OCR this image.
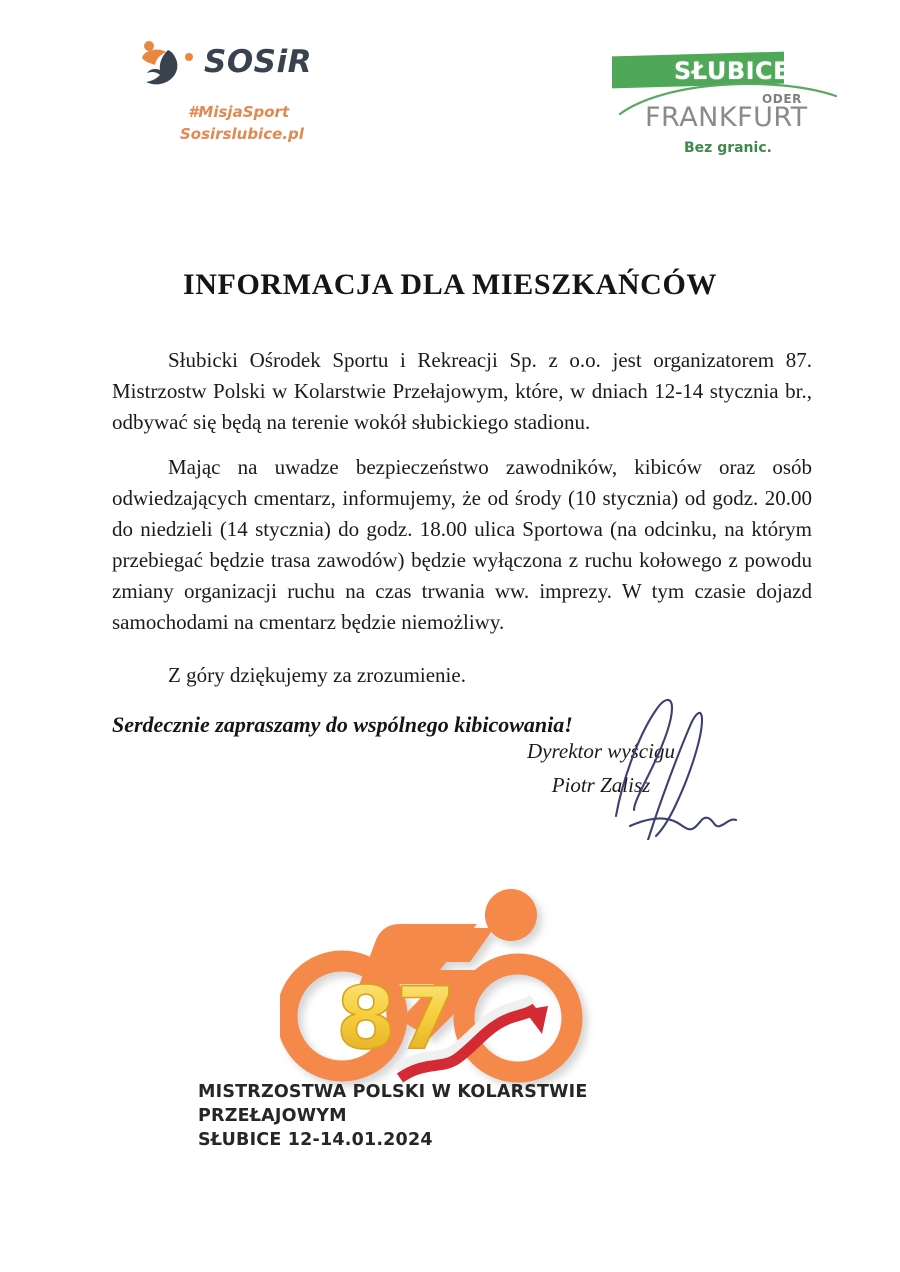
SOSiR
#MisjaSport
Sosirslubice.pl
SŁUBICE
ODER
FRANKFURT
Bez granic.
INFORMACJA DLA MIESZKAŃCÓW

Słubicki Ośrodek Sportu i Rekreacji Sp. z o.o. jest organizatorem 87. Mistrzostw Polski w Kolarstwie Przełajowym, które, w dniach 12-14 stycznia br., odbywać się będą na terenie wokół słubickiego stadionu.

Mając na uwadze bezpieczeństwo zawodników, kibiców oraz osób odwiedzających cmentarz, informujemy, że od środy (10 stycznia) od godz. 20.00 do niedzieli (14 stycznia) do godz. 18.00 ulica Sportowa (na odcinku, na którym przebiegać będzie trasa zawodów) będzie wyłączona z ruchu kołowego z powodu zmiany organizacji ruchu na czas trwania ww. imprezy. W tym czasie dojazd samochodami na cmentarz będzie niemożliwy.

Z góry dziękujemy za zrozumienie.

Serdecznie zapraszamy do wspólnego kibicowania!

Dyrektor wyścigu
Piotr Zalisz
87
MISTRZOSTWA POLSKI W KOLARSTWIE PRZEŁAJOWYM
SŁUBICE 12-14.01.2024
